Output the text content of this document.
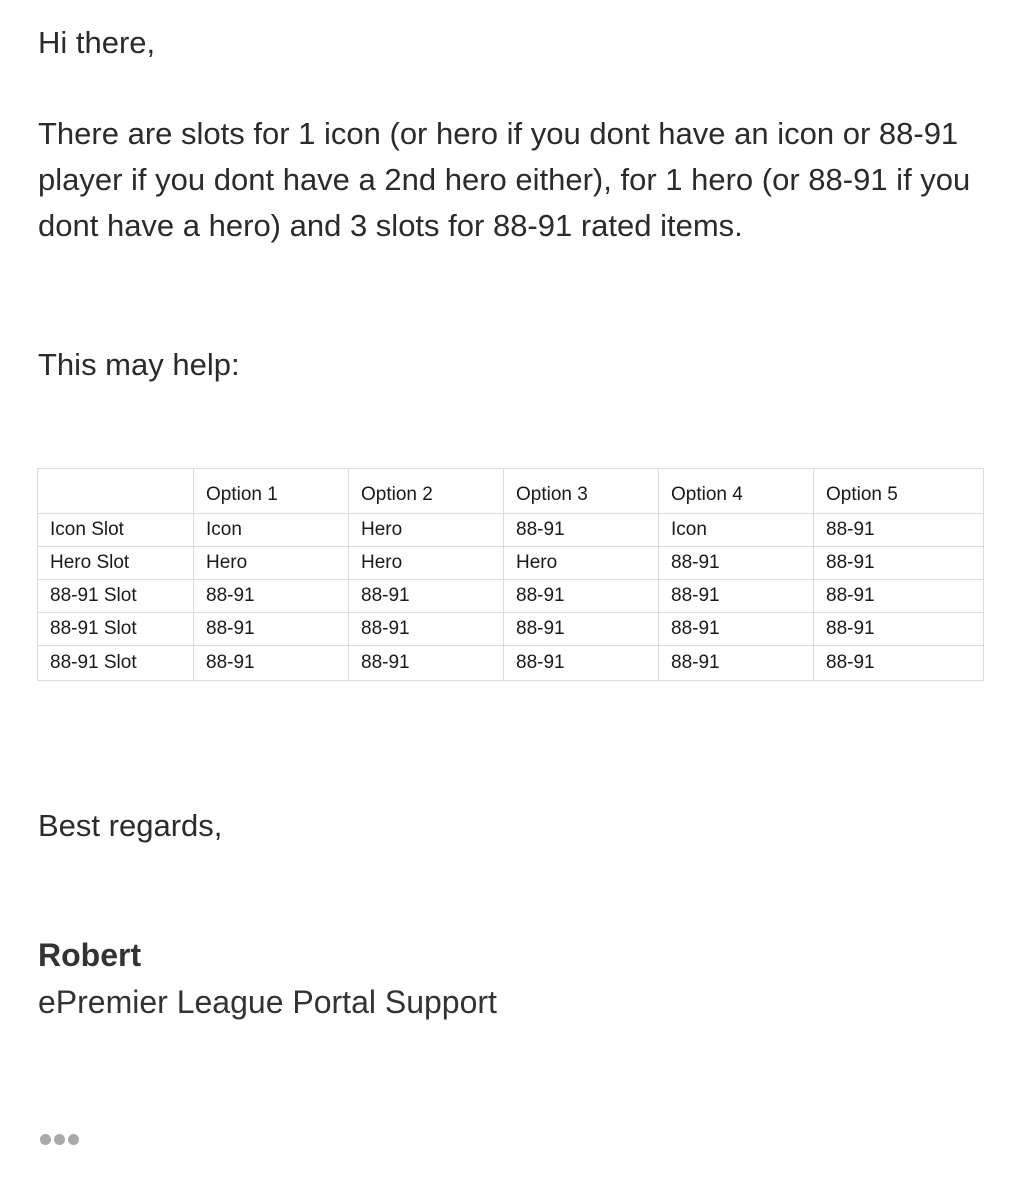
Hi there,

There are slots for 1 icon (or hero if you dont have an icon or 88-91 player if you dont have a 2nd hero either), for 1 hero (or 88-91 if you dont have a hero) and 3 slots for 88-91 rated items.

This may help:

	Option 1	Option 2	Option 3	Option 4	Option 5
Icon Slot	Icon	Hero	88-91	Icon	88-91
Hero Slot	Hero	Hero	Hero	88-91	88-91
88-91 Slot	88-91	88-91	88-91	88-91	88-91
88-91 Slot	88-91	88-91	88-91	88-91	88-91
88-91 Slot	88-91	88-91	88-91	88-91	88-91

Best regards,

Robert
ePremier League Portal Support
